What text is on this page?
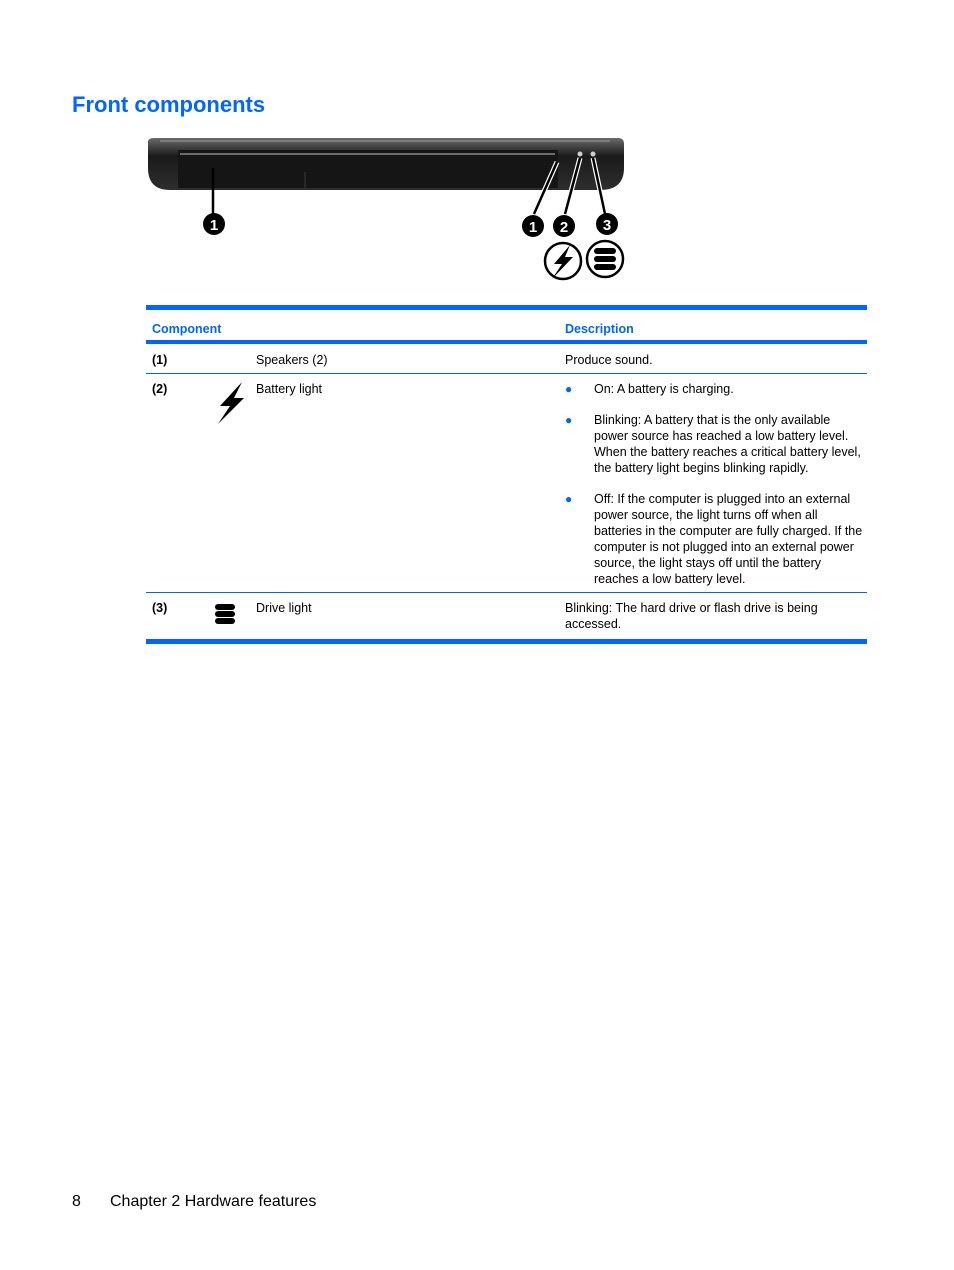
Front components
1	1 2 3
Component	Description
(1)	Speakers (2)	Produce sound.
(2)	Battery light	● On: A battery is charging.
● Blinking: A battery that is the only available power source has reached a low battery level. When the battery reaches a critical battery level, the battery light begins blinking rapidly.
● Off: If the computer is plugged into an external power source, the light turns off when all batteries in the computer are fully charged. If the computer is not plugged into an external power source, the light stays off until the battery reaches a low battery level.
(3)	Drive light	Blinking: The hard drive or flash drive is being accessed.
8 Chapter 2 Hardware features
